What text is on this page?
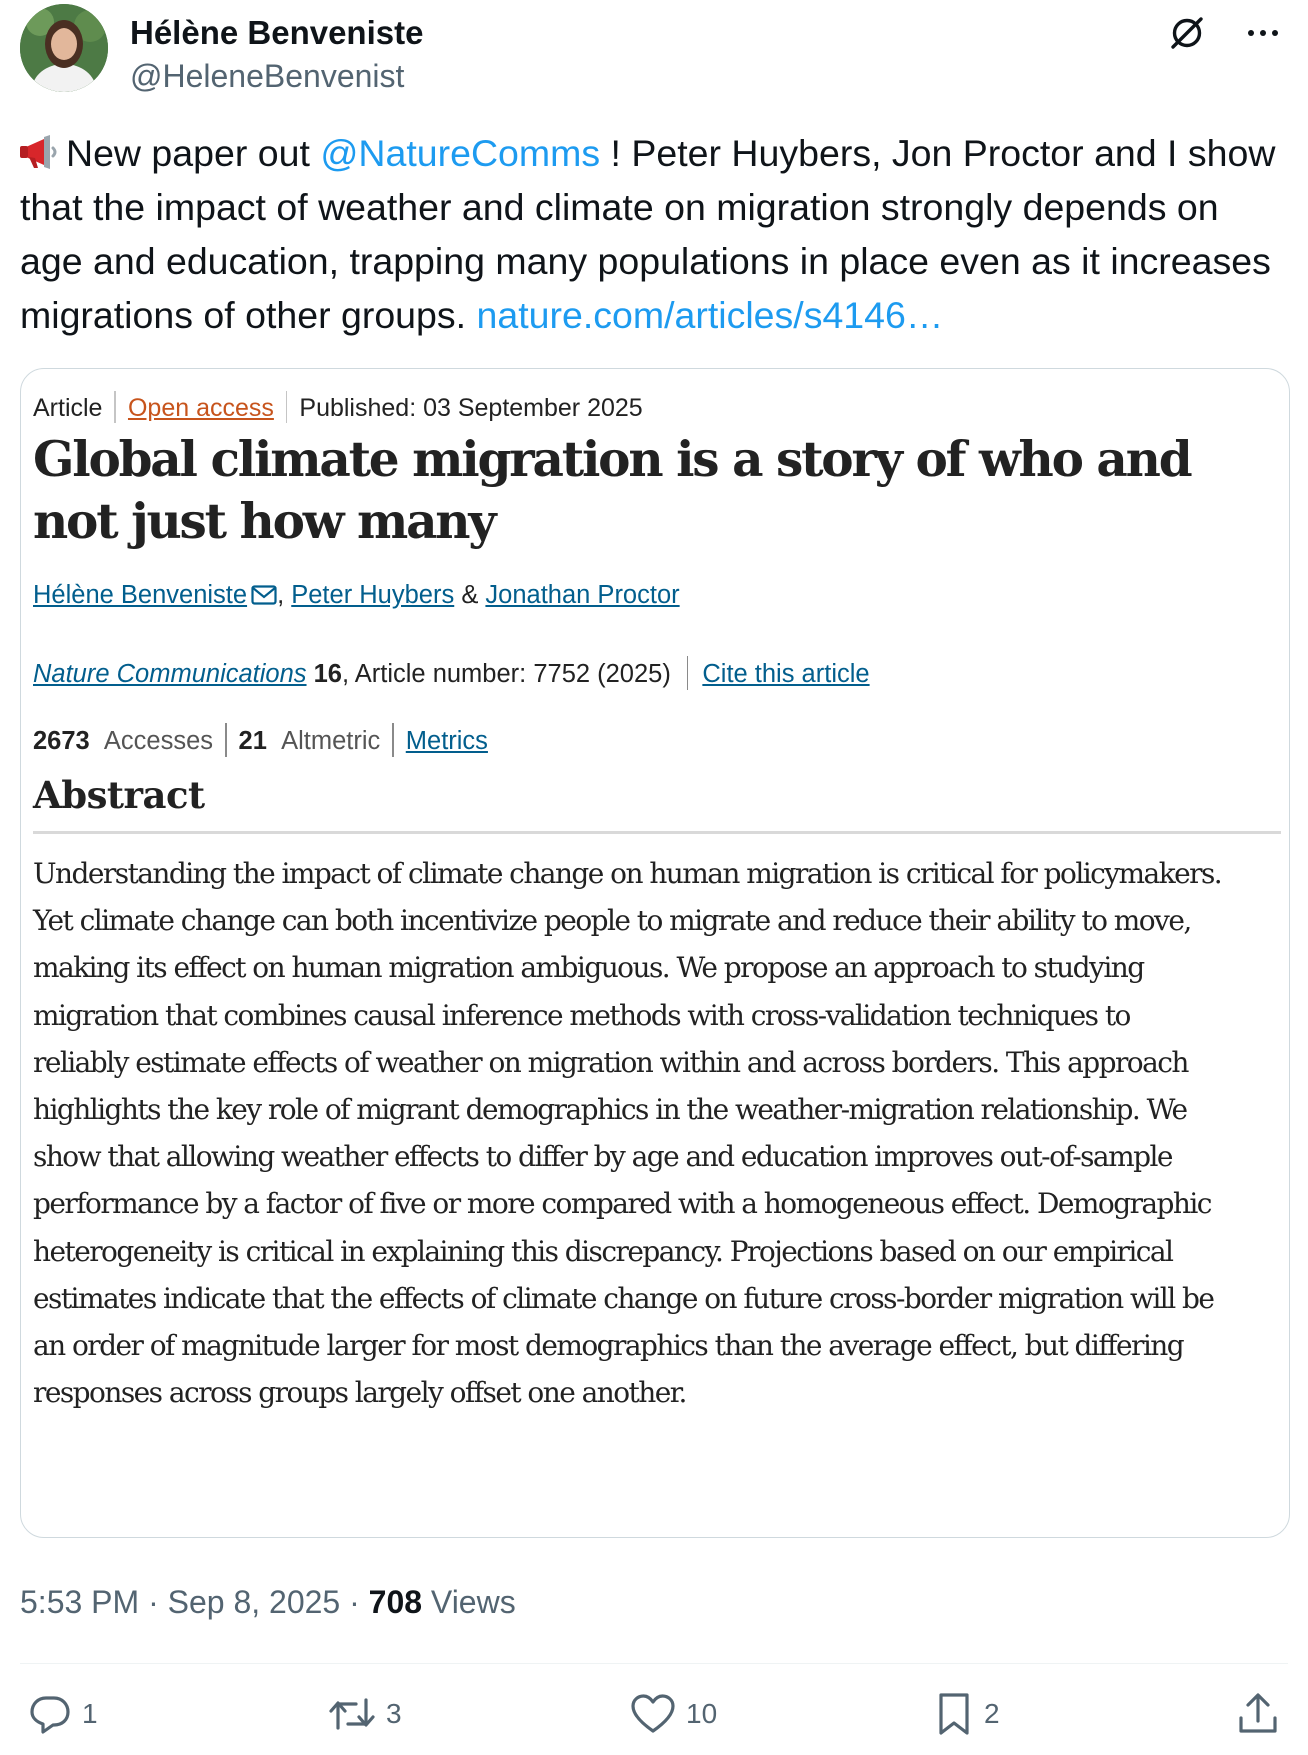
Hélène Benveniste
@HeleneBenvenist
New paper out @NatureComms ! Peter Huybers, Jon Proctor and I show that the impact of weather and climate on migration strongly depends on age and education, trapping many populations in place even as it increases migrations of other groups. nature.com/articles/s4146…
Article Open access Published: 03 September 2025
Global climate migration is a story of who and not just how many
Hélène Benveniste , Peter Huybers & Jonathan Proctor
Nature Communications 16, Article number: 7752 (2025) Cite this article
2673 Accesses 21 Altmetric Metrics
Abstract
Understanding the impact of climate change on human migration is critical for policymakers.
Yet climate change can both incentivize people to migrate and reduce their ability to move,
making its effect on human migration ambiguous. We propose an approach to studying
migration that combines causal inference methods with cross-validation techniques to
reliably estimate effects of weather on migration within and across borders. This approach
highlights the key role of migrant demographics in the weather-migration relationship. We
show that allowing weather effects to differ by age and education improves out-of-sample
performance by a factor of five or more compared with a homogeneous effect. Demographic
heterogeneity is critical in explaining this discrepancy. Projections based on our empirical
estimates indicate that the effects of climate change on future cross-border migration will be
an order of magnitude larger for most demographics than the average effect, but differing
responses across groups largely offset one another.
5:53 PM · Sep 8, 2025 · 708 Views
1	3	10	2
